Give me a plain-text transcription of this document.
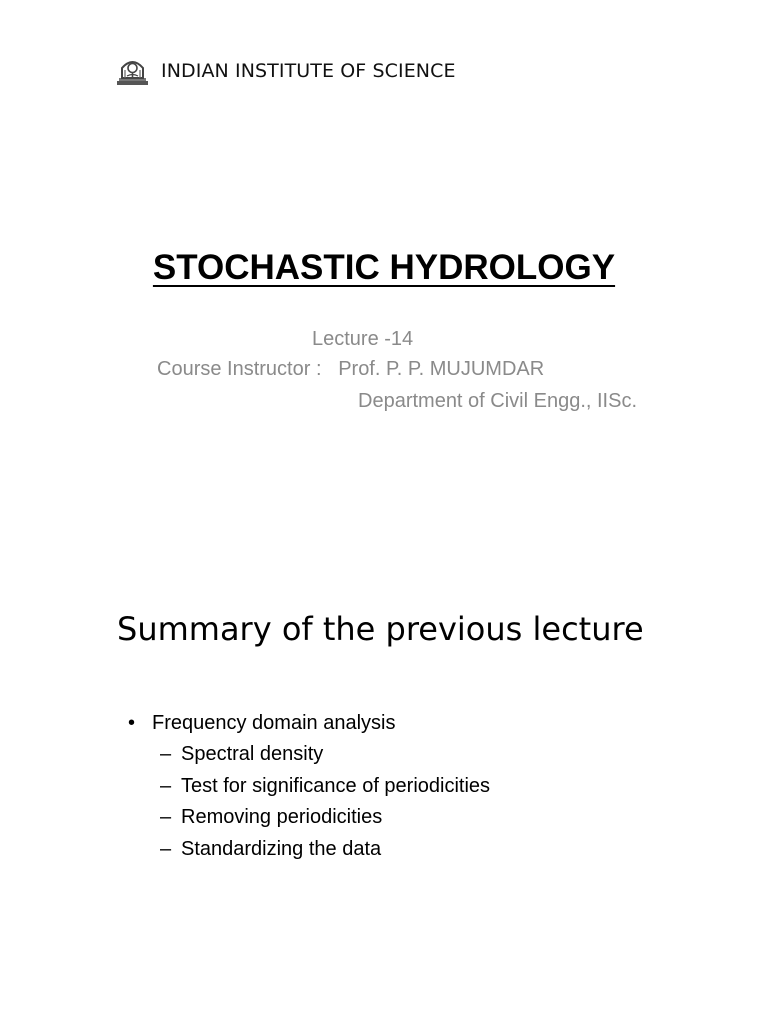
INDIAN INSTITUTE OF SCIENCE
STOCHASTIC HYDROLOGY
Lecture -14
Course Instructor : Prof. P. P. MUJUMDAR
Department of Civil Engg., IISc.
Summary of the previous lecture
• Frequency domain analysis
– Spectral density
– Test for significance of periodicities
– Removing periodicities
– Standardizing the data
